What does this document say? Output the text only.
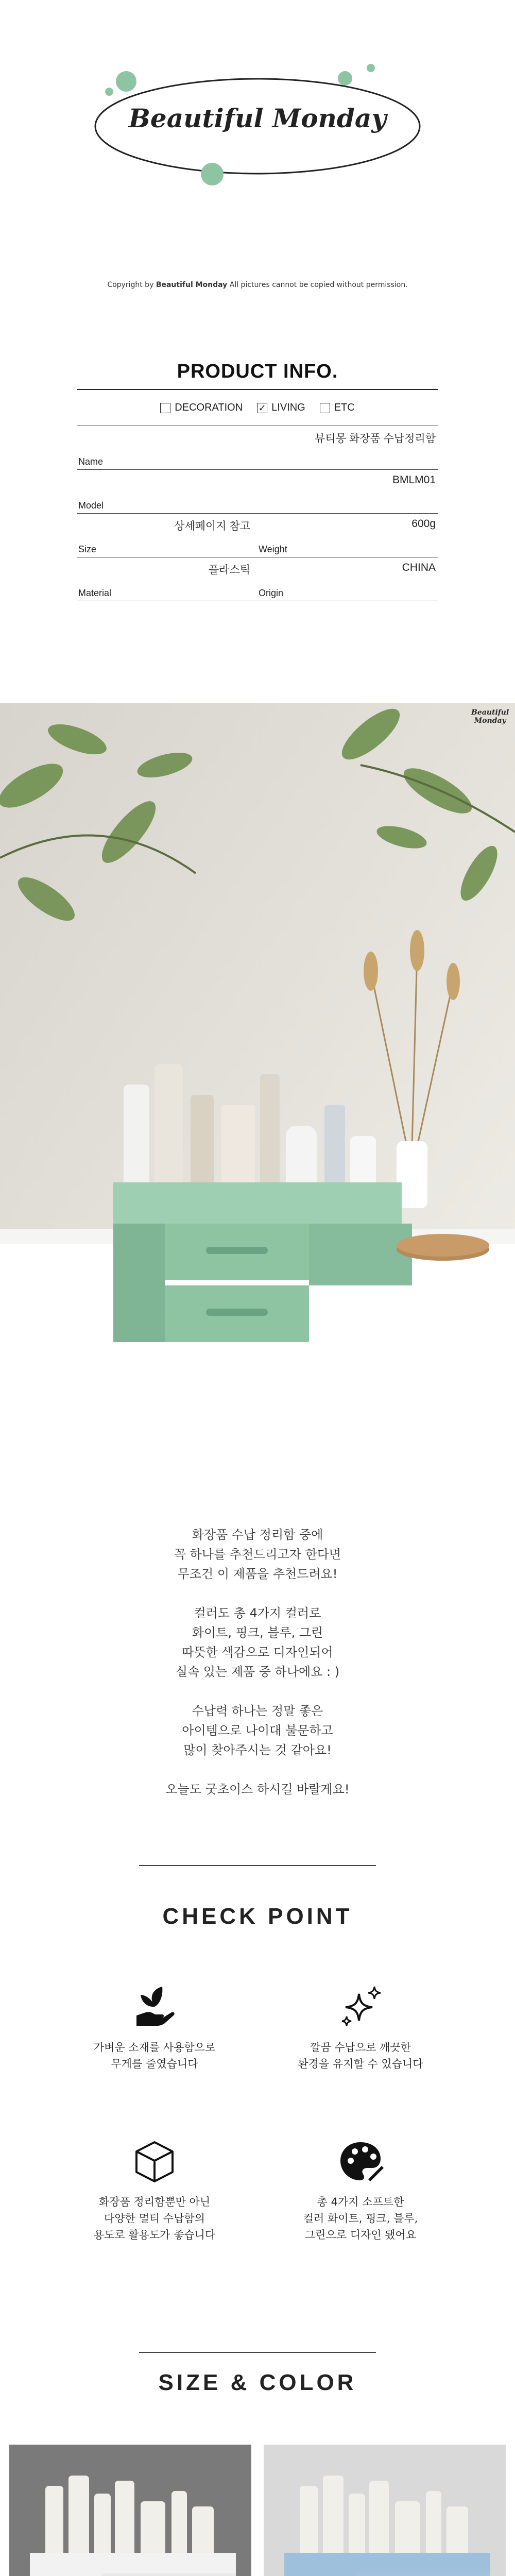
Beautiful Monday
Copyright by Beautiful Monday All pictures cannot be copied without permission.
PRODUCT INFO.
DECORATION ✓ LIVING	ETC
Name
뷰티몽 화장품 수납정리함
Model
BMLM01
Size
상세페이지 참고
Weight
600g
Material
플라스틱
Origin
CHINA
Beautiful
Monday

화장품 수납 정리함 중에
꼭 하나를 추천드리고자 한다면
무조건 이 제품을 추천드려요!

컬러도 총 4가지 컬러로
화이트, 핑크, 블루, 그린
따뜻한 색감으로 디자인되어
실속 있는 제품 중 하나에요 : )

수납력 하나는 정말 좋은
아이템으로 나이대 불문하고
많이 찾아주시는 것 같아요!

오늘도 굿초이스 하시길 바랄게요!

CHECK POINT
가벼운 소재를 사용함으로
무게를 줄였습니다
깔끔 수납으로 깨끗한
환경을 유지할 수 있습니다
화장품 정리함뿐만 아닌
다양한 멀티 수납함의
용도로 활용도가 좋습니다
총 4가지 소프트한
컬러 화이트, 핑크, 블루,
그린으로 디자인 됐어요
SIZE & COLOR
